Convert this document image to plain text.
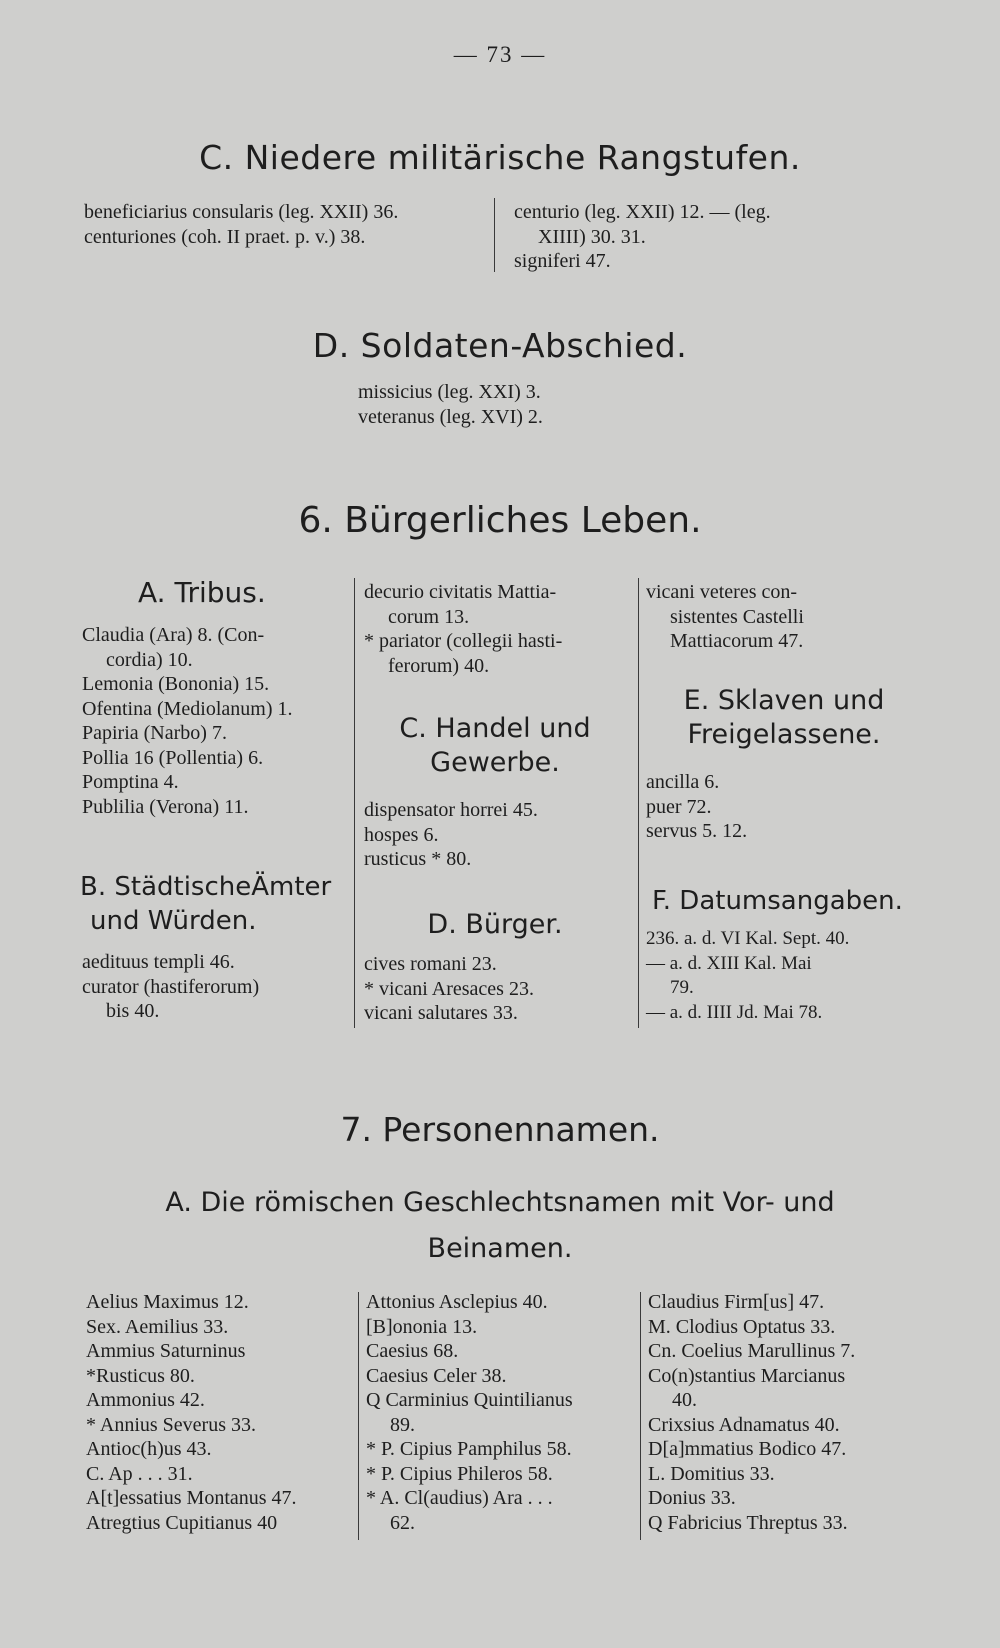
— 73 —
C. Niedere militärische Rangstufen.
beneficiarius consularis (leg. XXII) 36.
centuriones (coh. II praet. p. v.) 38.
centurio (leg. XXII) 12. — (leg.
XIIII) 30. 31.
signiferi 47.
D. Soldaten-Abschied.
missicius (leg. XXI) 3.
veteranus (leg. XVI) 2.
6. Bürgerliches Leben.
A. Tribus.
Claudia (Ara) 8. (Con-
cordia) 10.
Lemonia (Bononia) 15.
Ofentina (Mediolanum) 1.
Papiria (Narbo) 7.
Pollia 16 (Pollentia) 6.
Pomptina 4.
Publilia (Verona) 11.
B. StädtischeÄmter
und Würden.
aedituus templi 46.
curator (hastiferorum)
bis 40.
decurio civitatis Mattia-
corum 13.
* pariator (collegii hasti-
ferorum) 40.
C. Handel und
Gewerbe.
dispensator horrei 45.
hospes 6.
rusticus * 80.
D. Bürger.
cives romani 23.
* vicani Aresaces 23.
vicani salutares 33.
vicani veteres con-
sistentes Castelli
Mattiacorum 47.
E. Sklaven und
Freigelassene.
ancilla 6.
puer 72.
servus 5. 12.
F. Datumsangaben.
236. a. d. VI Kal. Sept. 40.
— a. d. XIII Kal. Mai
79.
— a. d. IIII Jd. Mai 78.
7. Personennamen.
A. Die römischen Geschlechtsnamen mit Vor- und
Beinamen.
Aelius Maximus 12.
Sex. Aemilius 33.
Ammius Saturninus
*Rusticus 80.
Ammonius 42.
* Annius Severus 33.
Antioc(h)us 43.
C. Ap . . . 31.
A[t]essatius Montanus 47.
Atregtius Cupitianus 40
Attonius Asclepius 40.
[B]ononia 13.
Caesius 68.
Caesius Celer 38.
Q Carminius Quintilianus
89.
* P. Cipius Pamphilus 58.
* P. Cipius Phileros 58.
* A. Cl(audius) Ara . . .
62.
Claudius Firm[us] 47.
M. Clodius Optatus 33.
Cn. Coelius Marullinus 7.
Co(n)stantius Marcianus
40.
Crixsius Adnamatus 40.
D[a]mmatius Bodico 47.
L. Domitius 33.
Donius 33.
Q Fabricius Threptus 33.
